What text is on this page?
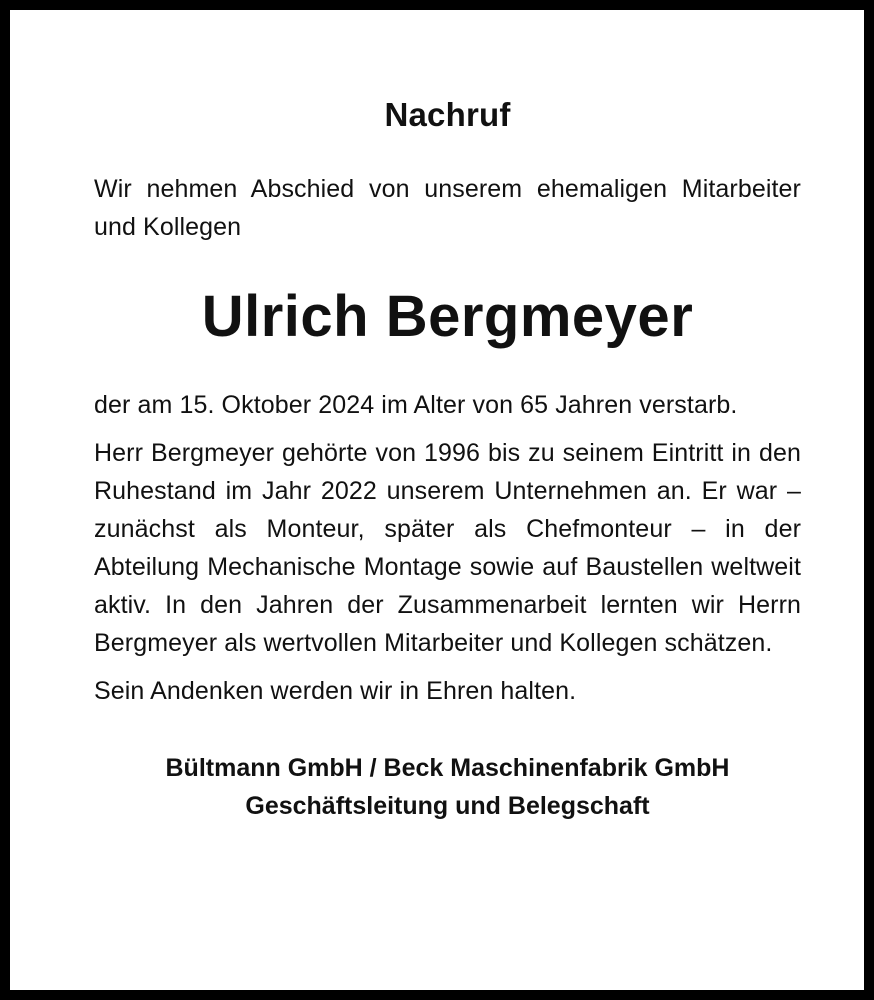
Nachruf

Wir nehmen Abschied von unserem ehemaligen Mitarbeiter und Kollegen

Ulrich Bergmeyer

der am 15. Oktober 2024 im Alter von 65 Jahren verstarb.

Herr Bergmeyer gehörte von 1996 bis zu seinem Eintritt in den Ruhestand im Jahr 2022 unserem Unternehmen an. Er war – zunächst als Monteur, später als Chefmonteur – in der Abteilung Mechanische Montage sowie auf Baustellen weltweit aktiv. In den Jahren der Zusammenarbeit lernten wir Herrn Bergmeyer als wertvollen Mitarbeiter und Kollegen schätzen.

Sein Andenken werden wir in Ehren halten.

Bültmann GmbH / Beck Maschinenfabrik GmbH
Geschäftsleitung und Belegschaft
